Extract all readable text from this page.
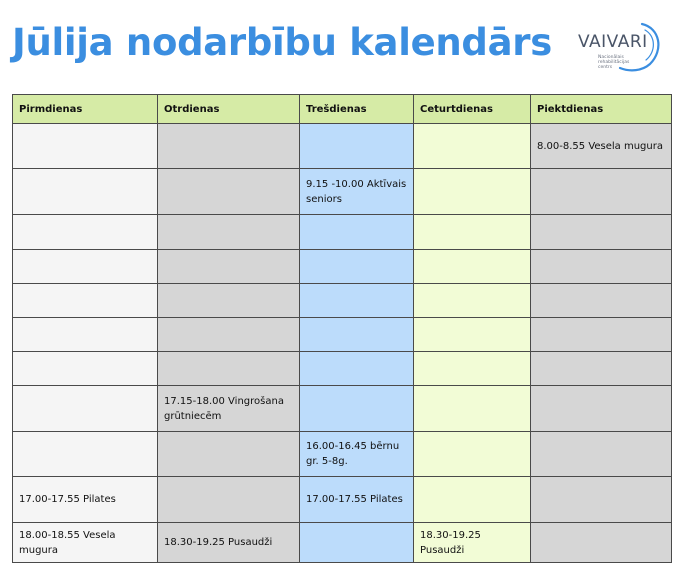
Jūlija nodarbību kalendārs VAIVARI
Nacionālais
rehabilitācijas
centrs
Pirmdienas	Otrdienas	Trešdienas	Ceturtdienas	Piektdienas
				8.00-8.55 Vesela mugura
		9.15 -10.00 Aktīvais seniors		

	17.15-18.00 Vingrošana grūtniecēm			
		16.00-16.45 bērnu gr. 5-8g.		
17.00-17.55 Pilates		17.00-17.55 Pilates		
18.00-18.55 Vesela mugura	18.30-19.25 Pusaudži		18.30-19.25 Pusaudži	
